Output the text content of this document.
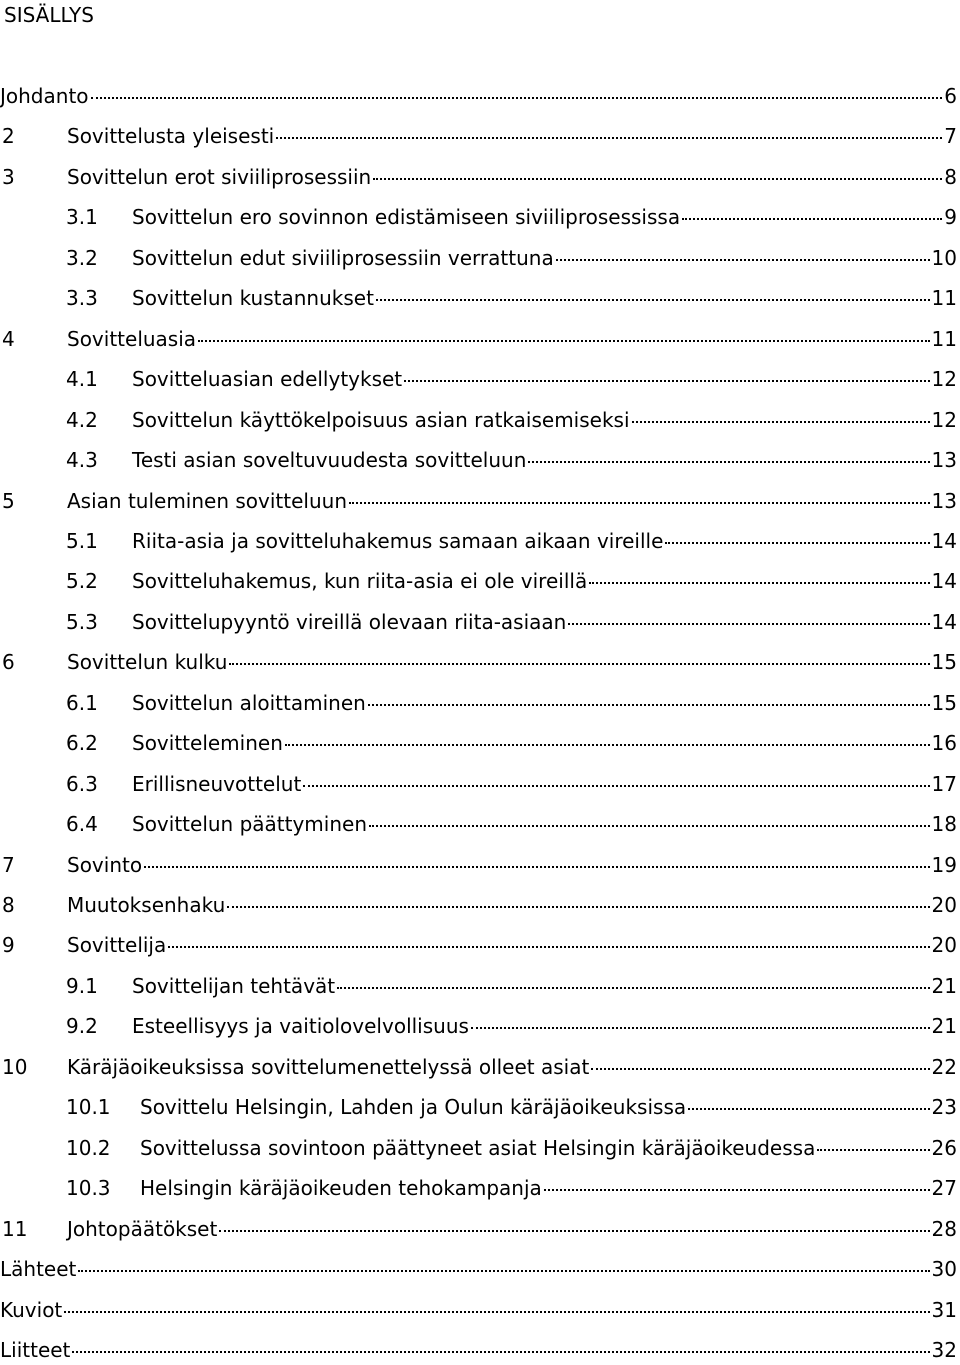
SISÄLLYS
Johdanto	6
2	Sovittelusta yleisesti	7
3	Sovittelun erot siviiliprosessiin	8
3.1	Sovittelun ero sovinnon edistämiseen siviiliprosessissa	9
3.2	Sovittelun edut siviiliprosessiin verrattuna	10
3.3	Sovittelun kustannukset	11
4	Sovitteluasia	11
4.1	Sovitteluasian edellytykset	12
4.2	Sovittelun käyttökelpoisuus asian ratkaisemiseksi	12
4.3	Testi asian soveltuvuudesta sovitteluun	13
5	Asian tuleminen sovitteluun	13
5.1	Riita-asia ja sovitteluhakemus samaan aikaan vireille	14
5.2	Sovitteluhakemus, kun riita-asia ei ole vireillä	14
5.3	Sovittelupyyntö vireillä olevaan riita-asiaan	14
6	Sovittelun kulku	15
6.1	Sovittelun aloittaminen	15
6.2	Sovitteleminen	16
6.3	Erillisneuvottelut	17
6.4	Sovittelun päättyminen	18
7	Sovinto	19
8	Muutoksenhaku	20
9	Sovittelija	20
9.1	Sovittelijan tehtävät	21
9.2	Esteellisyys ja vaitiolovelvollisuus	21
10	Käräjäoikeuksissa sovittelumenettelyssä olleet asiat	22
10.1	Sovittelu Helsingin, Lahden ja Oulun käräjäoikeuksissa	23
10.2	Sovittelussa sovintoon päättyneet asiat Helsingin käräjäoikeudessa	26
10.3	Helsingin käräjäoikeuden tehokampanja	27
11	Johtopäätökset	28
Lähteet	30
Kuviot	31
Liitteet	32
